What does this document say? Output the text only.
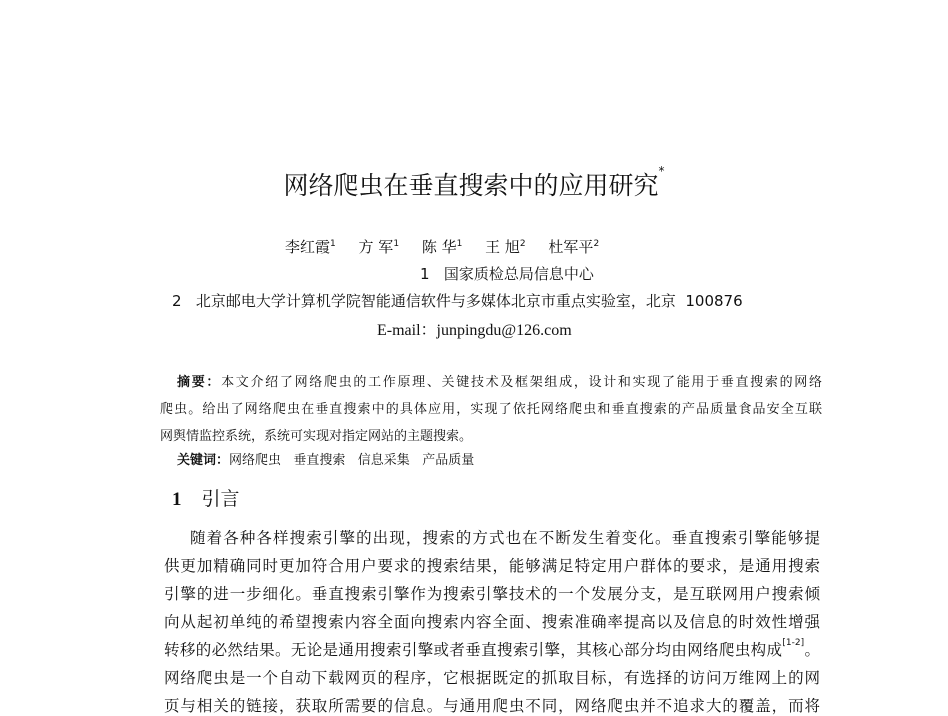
网络爬虫在垂直搜索中的应用研究*
李红霞$^1$ 方 军$^1$ 陈 华$^1$ 王 旭$^2$ 杜军平$^2$
1   国家质检总局信息中心
2   北京邮电大学计算机学院智能通信软件与多媒体北京市重点实验室，北京  100876
E-mail：junpingdu@126.com
摘要：本文介绍了网络爬虫的工作原理、关键技术及框架组成，设计和实现了能用于垂直搜索的网络
爬虫。给出了网络爬虫在垂直搜索中的具体应用，实现了依托网络爬虫和垂直搜索的产品质量食品安全互联
网舆情监控系统，系统可实现对指定网站的主题搜索。
关键词：网络爬虫   垂直搜索   信息采集   产品质量
1 引言
随着各种各样搜索引擎的出现，搜索的方式也在不断发生着变化。垂直搜索引擎能够提
供更加精确同时更加符合用户要求的搜索结果，能够满足特定用户群体的要求，是通用搜索
引擎的进一步细化。垂直搜索引擎作为搜索引擎技术的一个发展分支，是互联网用户搜索倾
向从起初单纯的希望搜索内容全面向搜索内容全面、搜索准确率提高以及信息的时效性增强
转移的必然结果。无论是通用搜索引擎或者垂直搜索引擎，其核心部分均由网络爬虫构成[1-2]。
网络爬虫是一个自动下载网页的程序，它根据既定的抓取目标，有选择的访问万维网上的网
页与相关的链接，获取所需要的信息。与通用爬虫不同，网络爬虫并不追求大的覆盖，而将
